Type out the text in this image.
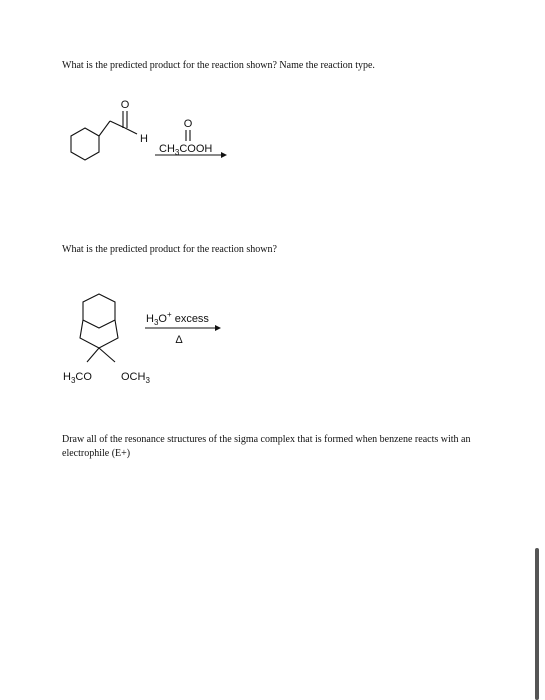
What is the predicted product for the reaction shown? Name the reaction type.

O
H
O
$CH_3COOH$

What is the predicted product for the reaction shown?

$H_3CO$	$OCH_3$
$H_3O^+$ excess
Δ

Draw all of the resonance structures of the sigma complex that is formed when benzene reacts with an electrophile (E+)
